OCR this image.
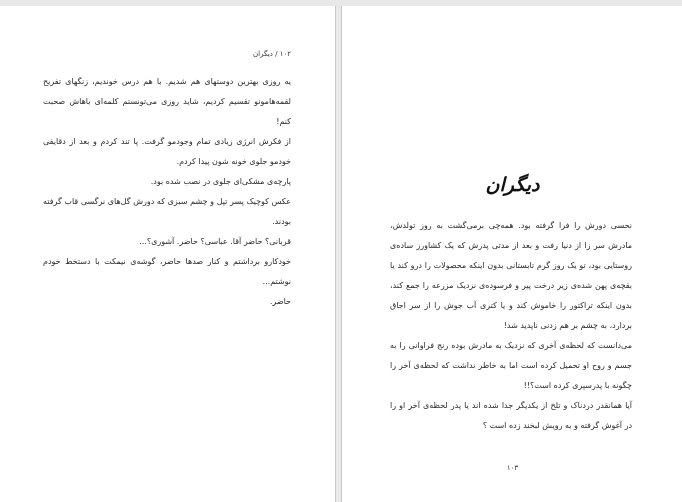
۱۰۲ / دیگران

یه روزی بهترین دوستهای هم شدیم. با هم درس خوندیم، زنگهای تفریح لقمه‌هامونو تقسیم کردیم، شاید روزی می‌تونستم کلمه‌ای باهاش صحبت کنم!

از فکرش انرژی زیادی تمام وجودمو گرفت. پا تند کردم و بعد از دقایقی خودمو جلوی خونه شون پیدا کردم.

پارچه‌ی مشکی‌ای جلوی در نصب شده بود.

عکس کوچیک پسر تپل و چشم سبزی که دورش گل‌های نرگسی قاب گرفته بودند.

قربانی؟ حاضر آقا. عباسی؟ حاضر. آشوری؟...

خودکارو برداشتم و کنار صدها حاضر، گوشه‌ی نیمکت با دستخط خودم نوشتم...

حاضر.

دیگران

نحسی دورش را فرا گرفته بود. همه‌چی برمی‌گشت به روز تولدش، مادرش سر زا از دنیا رفت و بعد از مدتی پدرش که یک کشاورز ساده‌ی روستایی بود، تو یک روز گرم تابستانی بدون اینکه محصولات را درو کند یا بقچه‌ی پهن شده‌ی زیر درخت پیر و فرسوده‌ی نزدیک مزرعه را جمع کند، بدون اینکه تراکتور را خاموش کند و یا کتری آب جوش را از سر اجاق بردارد، به چشم بر هم زدنی ناپدید شد!

می‌دانست که لحظه‌ی آخری که نزدیک به مادرش بوده رنج فراوانی را به جسم و روح او تحمیل کرده است اما به خاطر نداشت که لحظه‌ی آخر را چگونه با پدرسپری کرده است؟!!

آیا همانقدر دردناک و تلخ از یکدیگر جدا شده اند یا پدر لحظه‌ی آخر او را در آغوش گرفته و به رویش لبخند زده است ؟

۱۰۳
